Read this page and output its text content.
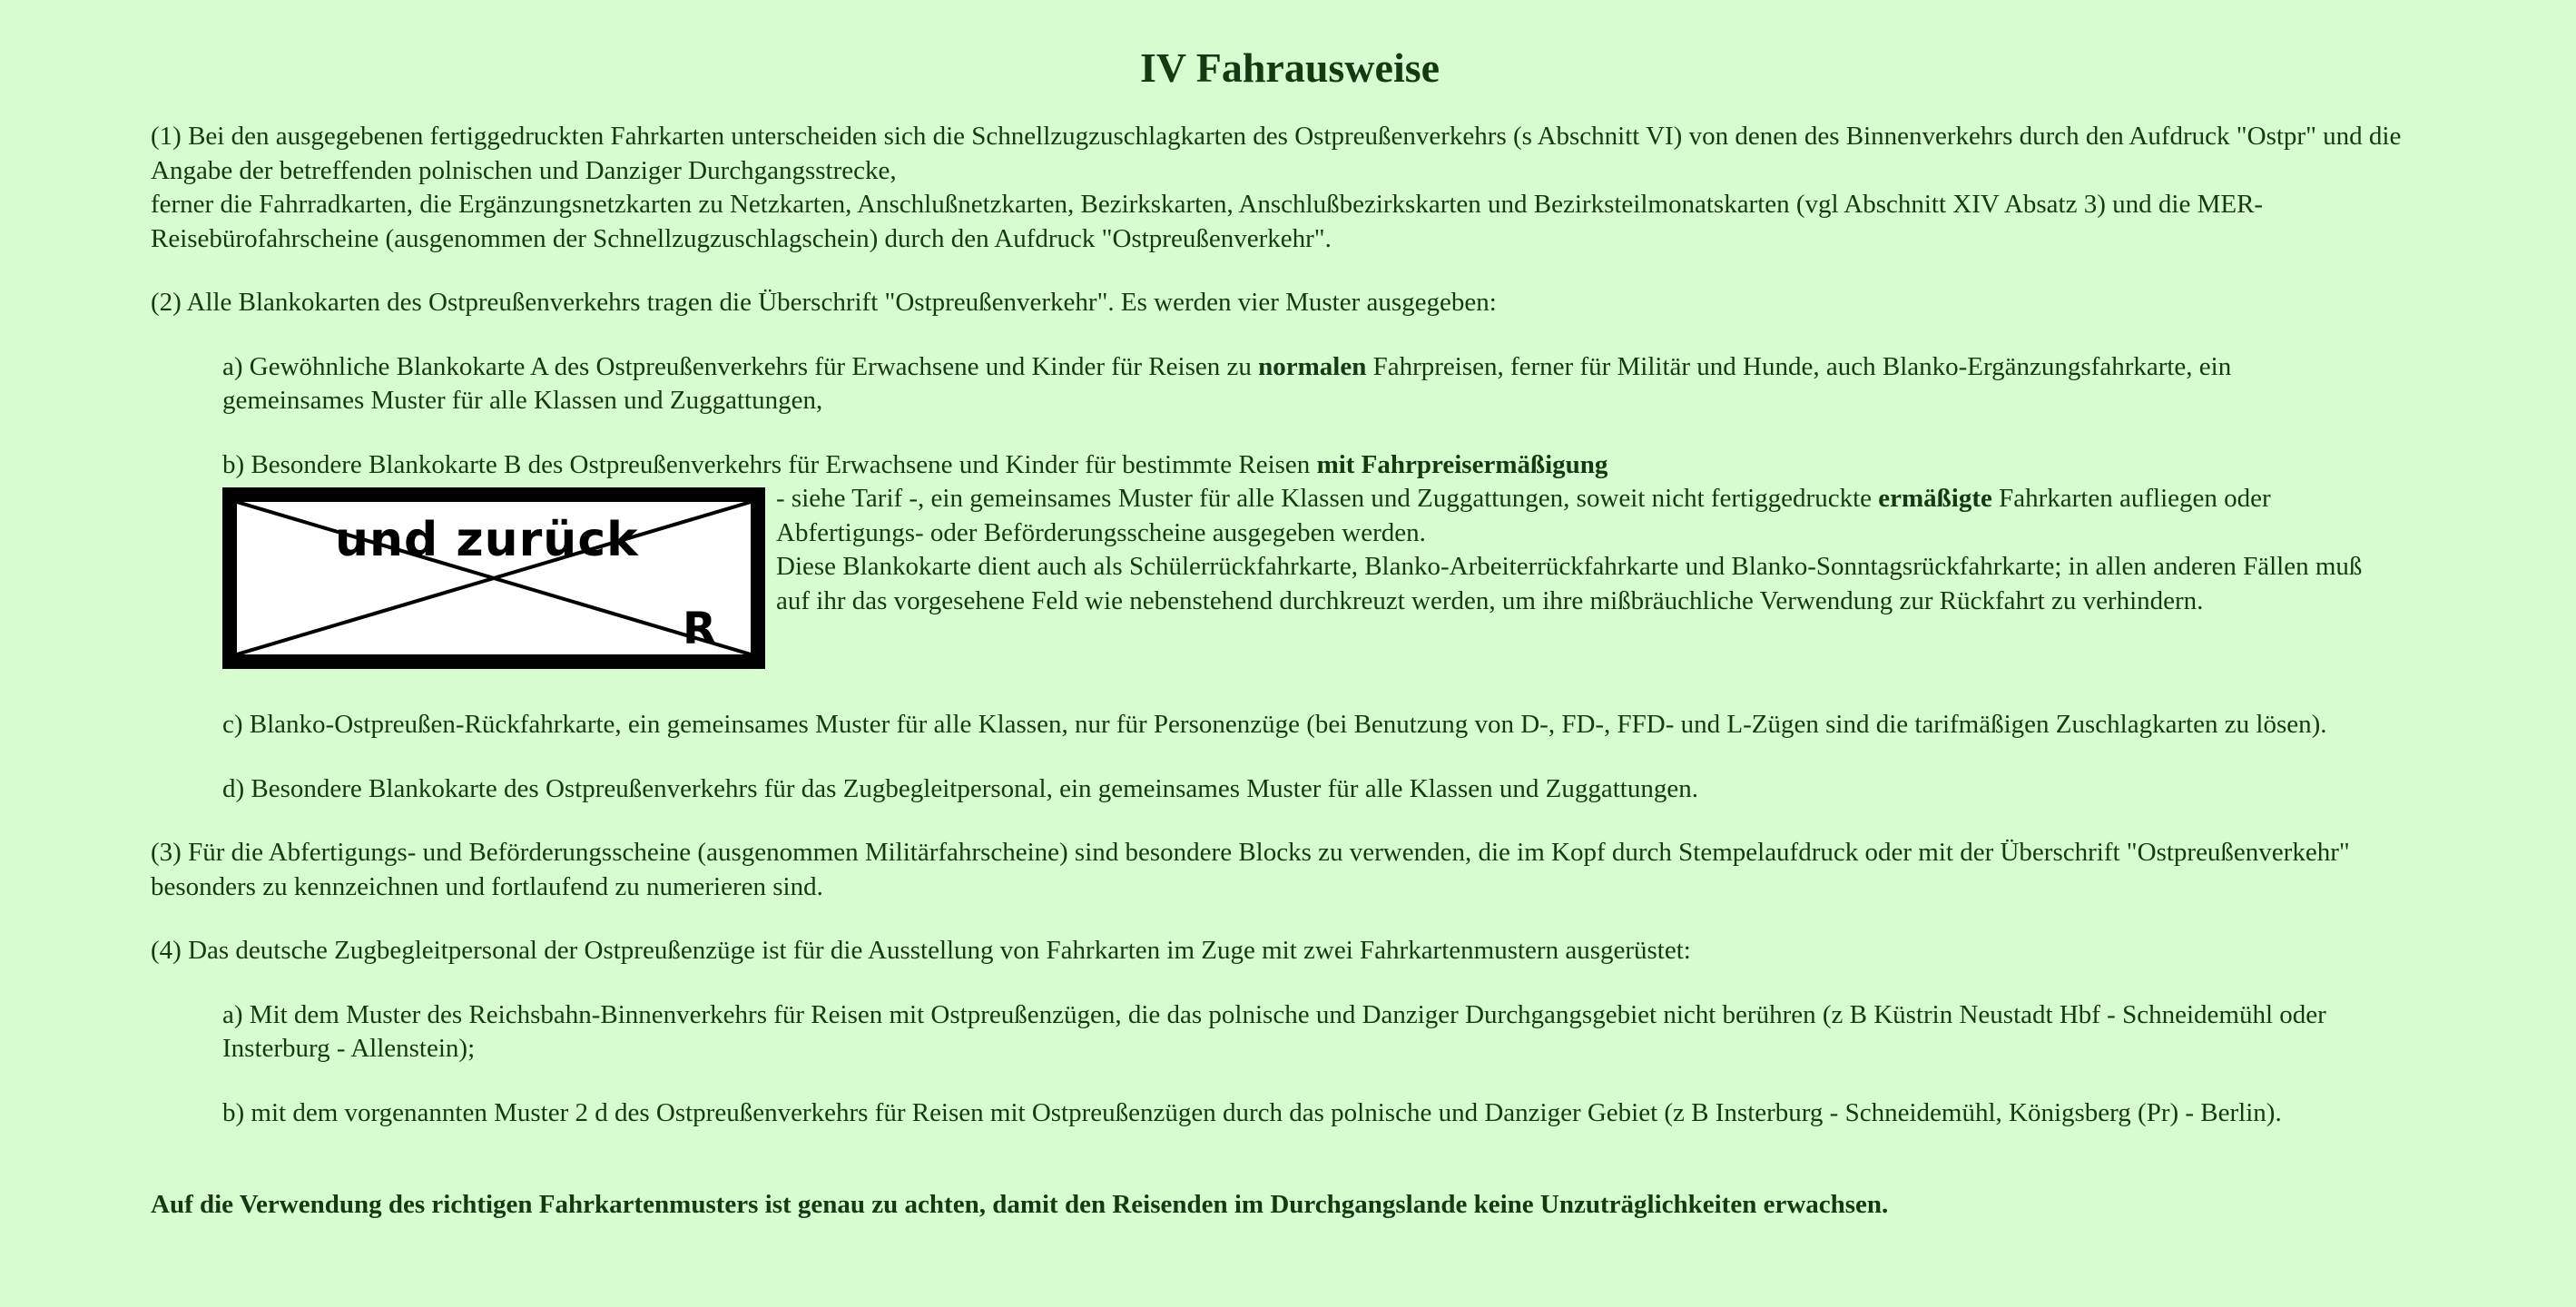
IV Fahrausweise

(1) Bei den ausgegebenen fertiggedruckten Fahrkarten unterscheiden sich die Schnellzugzuschlagkarten des Ostpreußenverkehrs (s Abschnitt VI) von denen des Binnenverkehrs durch den Aufdruck "Ostpr" und die Angabe der betreffenden polnischen und Danziger Durchgangsstrecke,
ferner die Fahrradkarten, die Ergänzungsnetzkarten zu Netzkarten, Anschlußnetzkarten, Bezirkskarten, Anschlußbezirkskarten und Bezirksteilmonatskarten (vgl Abschnitt XIV Absatz 3) und die MER-Reisebürofahrscheine (ausgenommen der Schnellzugzuschlagschein) durch den Aufdruck "Ostpreußenverkehr".

(2) Alle Blankokarten des Ostpreußenverkehrs tragen die Überschrift "Ostpreußenverkehr". Es werden vier Muster ausgegeben:

a) Gewöhnliche Blankokarte A des Ostpreußenverkehrs für Erwachsene und Kinder für Reisen zu normalen Fahrpreisen, ferner für Militär und Hunde, auch Blanko-Ergänzungsfahrkarte, ein gemeinsames Muster für alle Klassen und Zuggattungen,

b) Besondere Blankokarte B des Ostpreußenverkehrs für Erwachsene und Kinder für bestimmte Reisen mit Fahrpreisermäßigung

und zurück
R

- siehe Tarif -, ein gemeinsames Muster für alle Klassen und Zuggattungen, soweit nicht fertiggedruckte ermäßigte Fahrkarten aufliegen oder Abfertigungs- oder Beförderungsscheine ausgegeben werden.
Diese Blankokarte dient auch als Schülerrückfahrkarte, Blanko-Arbeiterrückfahrkarte und Blanko-Sonntagsrückfahrkarte; in allen anderen Fällen muß auf ihr das vorgesehene Feld wie nebenstehend durchkreuzt werden, um ihre mißbräuchliche Verwendung zur Rückfahrt zu verhindern.

c) Blanko-Ostpreußen-Rückfahrkarte, ein gemeinsames Muster für alle Klassen, nur für Personenzüge (bei Benutzung von D-, FD-, FFD- und L-Zügen sind die tarifmäßigen Zuschlagkarten zu lösen).

d) Besondere Blankokarte des Ostpreußenverkehrs für das Zugbegleitpersonal, ein gemeinsames Muster für alle Klassen und Zuggattungen.

(3) Für die Abfertigungs- und Beförderungsscheine (ausgenommen Militärfahrscheine) sind besondere Blocks zu verwenden, die im Kopf durch Stempelaufdruck oder mit der Überschrift "Ostpreußenverkehr" besonders zu kennzeichnen und fortlaufend zu numerieren sind.

(4) Das deutsche Zugbegleitpersonal der Ostpreußenzüge ist für die Ausstellung von Fahrkarten im Zuge mit zwei Fahrkartenmustern ausgerüstet:

a) Mit dem Muster des Reichsbahn-Binnenverkehrs für Reisen mit Ostpreußenzügen, die das polnische und Danziger Durchgangsgebiet nicht berühren (z B Küstrin Neustadt Hbf - Schneidemühl oder Insterburg - Allenstein);

b) mit dem vorgenannten Muster 2 d des Ostpreußenverkehrs für Reisen mit Ostpreußenzügen durch das polnische und Danziger Gebiet (z B Insterburg - Schneidemühl, Königsberg (Pr) - Berlin).

Auf die Verwendung des richtigen Fahrkartenmusters ist genau zu achten, damit den Reisenden im Durchgangslande keine Unzuträglichkeiten erwachsen.
